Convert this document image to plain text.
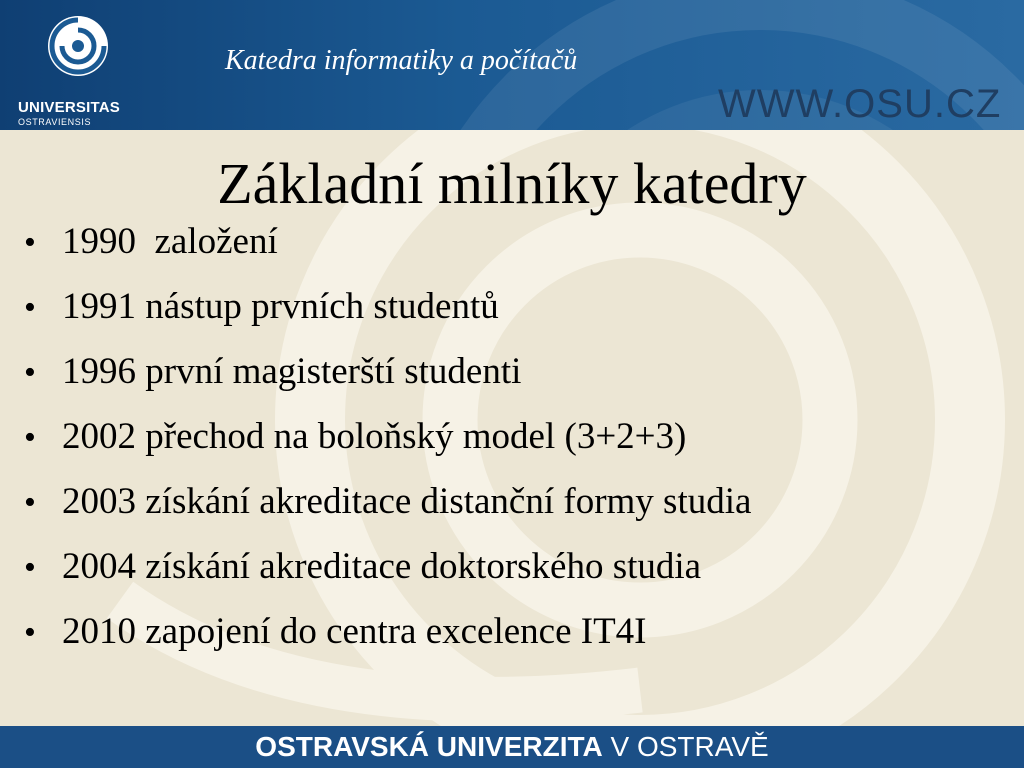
UNIVERSITAS
OSTRAVIENSIS
Katedra informatiky a počítačů
WWW.OSU.CZ
Základní milníky katedry
• 1990  založení
• 1991 nástup prvních studentů
• 1996 první magisterští studenti
• 2002 přechod na boloňský model (3+2+3)
• 2003 získání akreditace distanční formy studia
• 2004 získání akreditace doktorského studia
• 2010 zapojení do centra excelence IT4I
OSTRAVSKÁ UNIVERZITA V OSTRAVĚ
